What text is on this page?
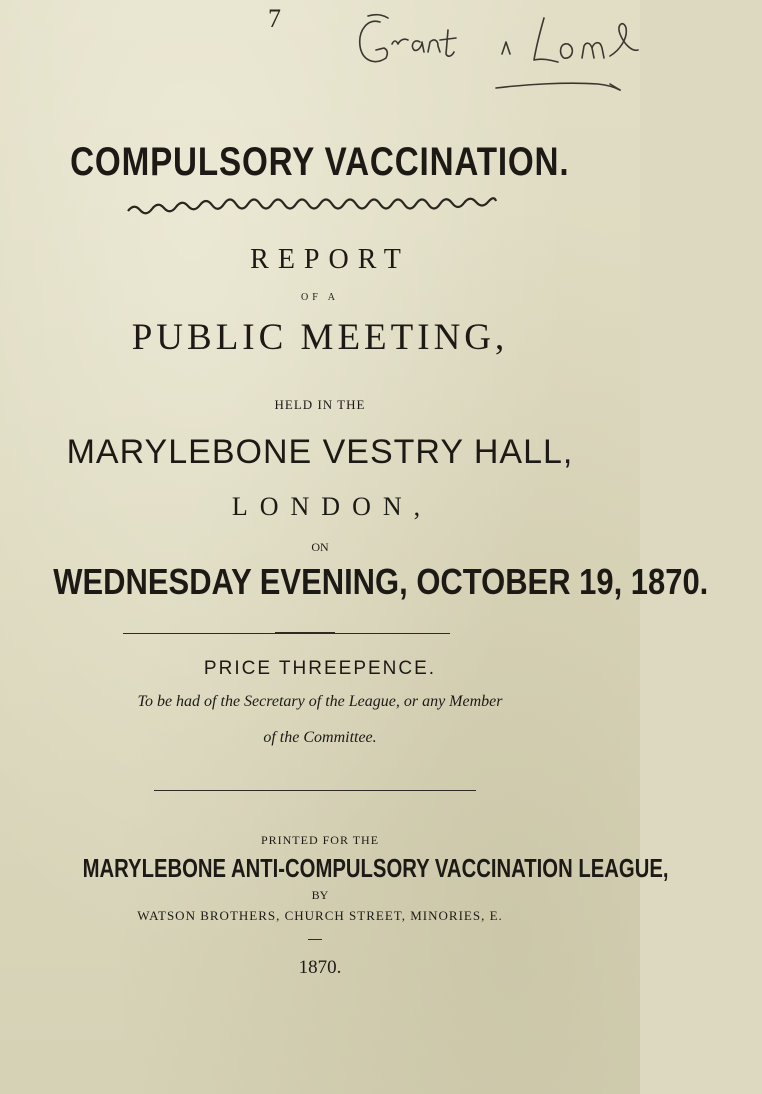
7
COMPULSORY VACCINATION.
REPORT
OF A
PUBLIC MEETING,
HELD IN THE
MARYLEBONE VESTRY HALL,
LONDON,
ON
WEDNESDAY EVENING, OCTOBER 19, 1870.
PRICE THREEPENCE.
To be had of the Secretary of the League, or any Member
of the Committee.
PRINTED FOR THE
MARYLEBONE ANTI-COMPULSORY VACCINATION LEAGUE,
BY
WATSON BROTHERS, CHURCH STREET, MINORIES, E.
1870.
